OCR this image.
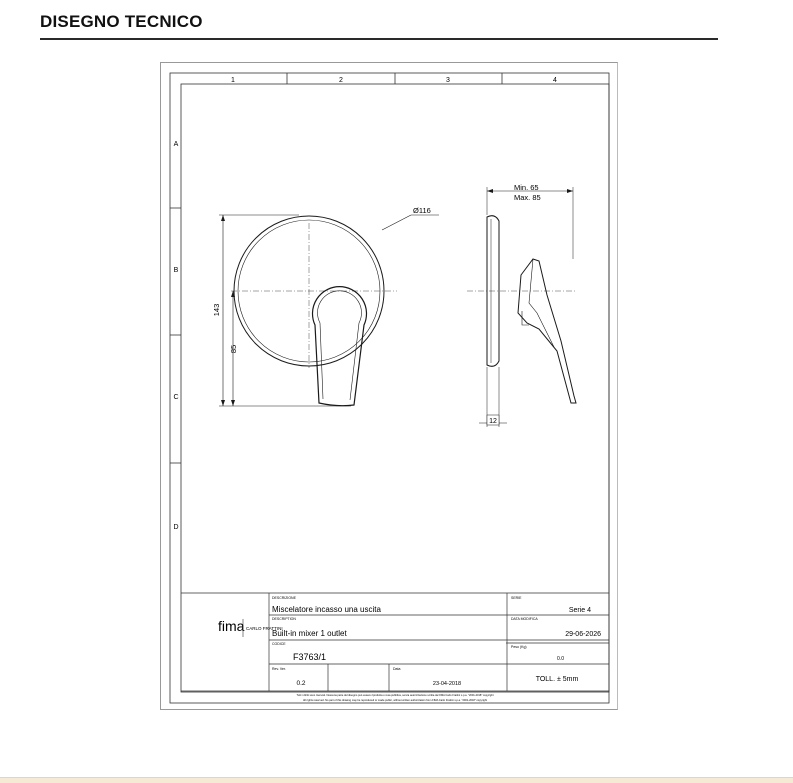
DISEGNO TECNICO
1	2	3	4
A
B
C
D
Ø116
143
85
Min. 65
Max. 85
12
fima CARLO FRATTINI
DESCRIZIONE
Miscelatore incasso una uscita
DESCRIPTION
Built-in mixer 1 outlet
CODICE
F3763/1
SERIE
Serie 4
DATA MODIFICA
29-06-2026
Peso (Kg)
0.0
Rev. Ver.
0.2
Data
23-04-2018
TOLL. ± 5mm
Tutti i diritti sono riservati. Nessuna parte del disegno può essere riprodotta o resa pubblica, senza autorizzazione scritta da FIMA Carlo Frattini s.p.a. "2001-2018" copyright
All rights reserved. No part of this drawing may be reproduced or made public, without written authorization from FIMA Carlo Frattini s.p.a. "2001-2018" copyright
